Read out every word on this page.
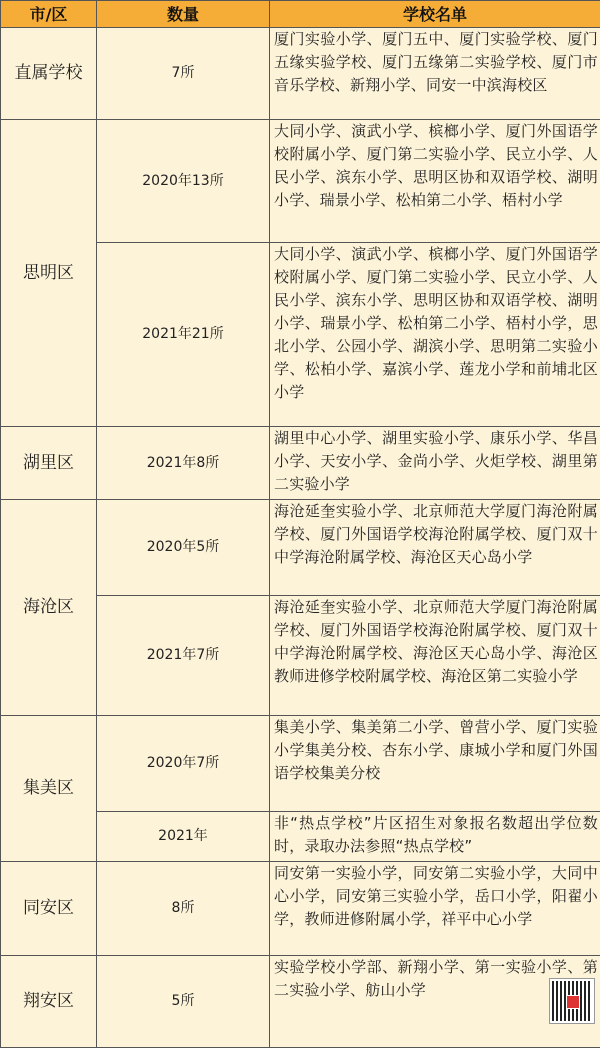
市/区	数量	学校名单
直属学校	7所	厦门实验小学、厦门五中、厦门实验学校、厦门五缘实验学校、厦门五缘第二实验学校、厦门市音乐学校、新翔小学、同安一中滨海校区
思明区	2020年13所	大同小学、演武小学、槟榔小学、厦门外国语学校附属小学、厦门第二实验小学、民立小学、人民小学、滨东小学、思明区协和双语学校、湖明小学、瑞景小学、松柏第二小学、梧村小学
	2021年21所	大同小学、演武小学、槟榔小学、厦门外国语学校附属小学、厦门第二实验小学、民立小学、人民小学、滨东小学、思明区协和双语学校、湖明小学、瑞景小学、松柏第二小学、梧村小学，思北小学、公园小学、湖滨小学、思明第二实验小学、松柏小学、嘉滨小学、莲龙小学和前埔北区小学
湖里区	2021年8所	湖里中心小学、湖里实验小学、康乐小学、华昌小学、天安小学、金尚小学、火炬学校、湖里第二实验小学
海沧区	2020年5所	海沧延奎实验小学、北京师范大学厦门海沧附属学校、厦门外国语学校海沧附属学校、厦门双十中学海沧附属学校、海沧区天心岛小学
	2021年7所	海沧延奎实验小学、北京师范大学厦门海沧附属学校、厦门外国语学校海沧附属学校、厦门双十中学海沧附属学校、海沧区天心岛小学、海沧区教师进修学校附属学校、海沧区第二实验小学
集美区	2020年7所	集美小学、集美第二小学、曾营小学、厦门实验小学集美分校、杏东小学、康城小学和厦门外国语学校集美分校
	2021年	非“热点学校”片区招生对象报名数超出学位数时，录取办法参照“热点学校”
同安区	8所	同安第一实验小学，同安第二实验小学，大同中心小学，同安第三实验小学，岳口小学，阳翟小学，教师进修附属小学，祥平中心小学
翔安区	5所	实验学校小学部、新翔小学、第一实验小学、第二实验小学、舫山小学
